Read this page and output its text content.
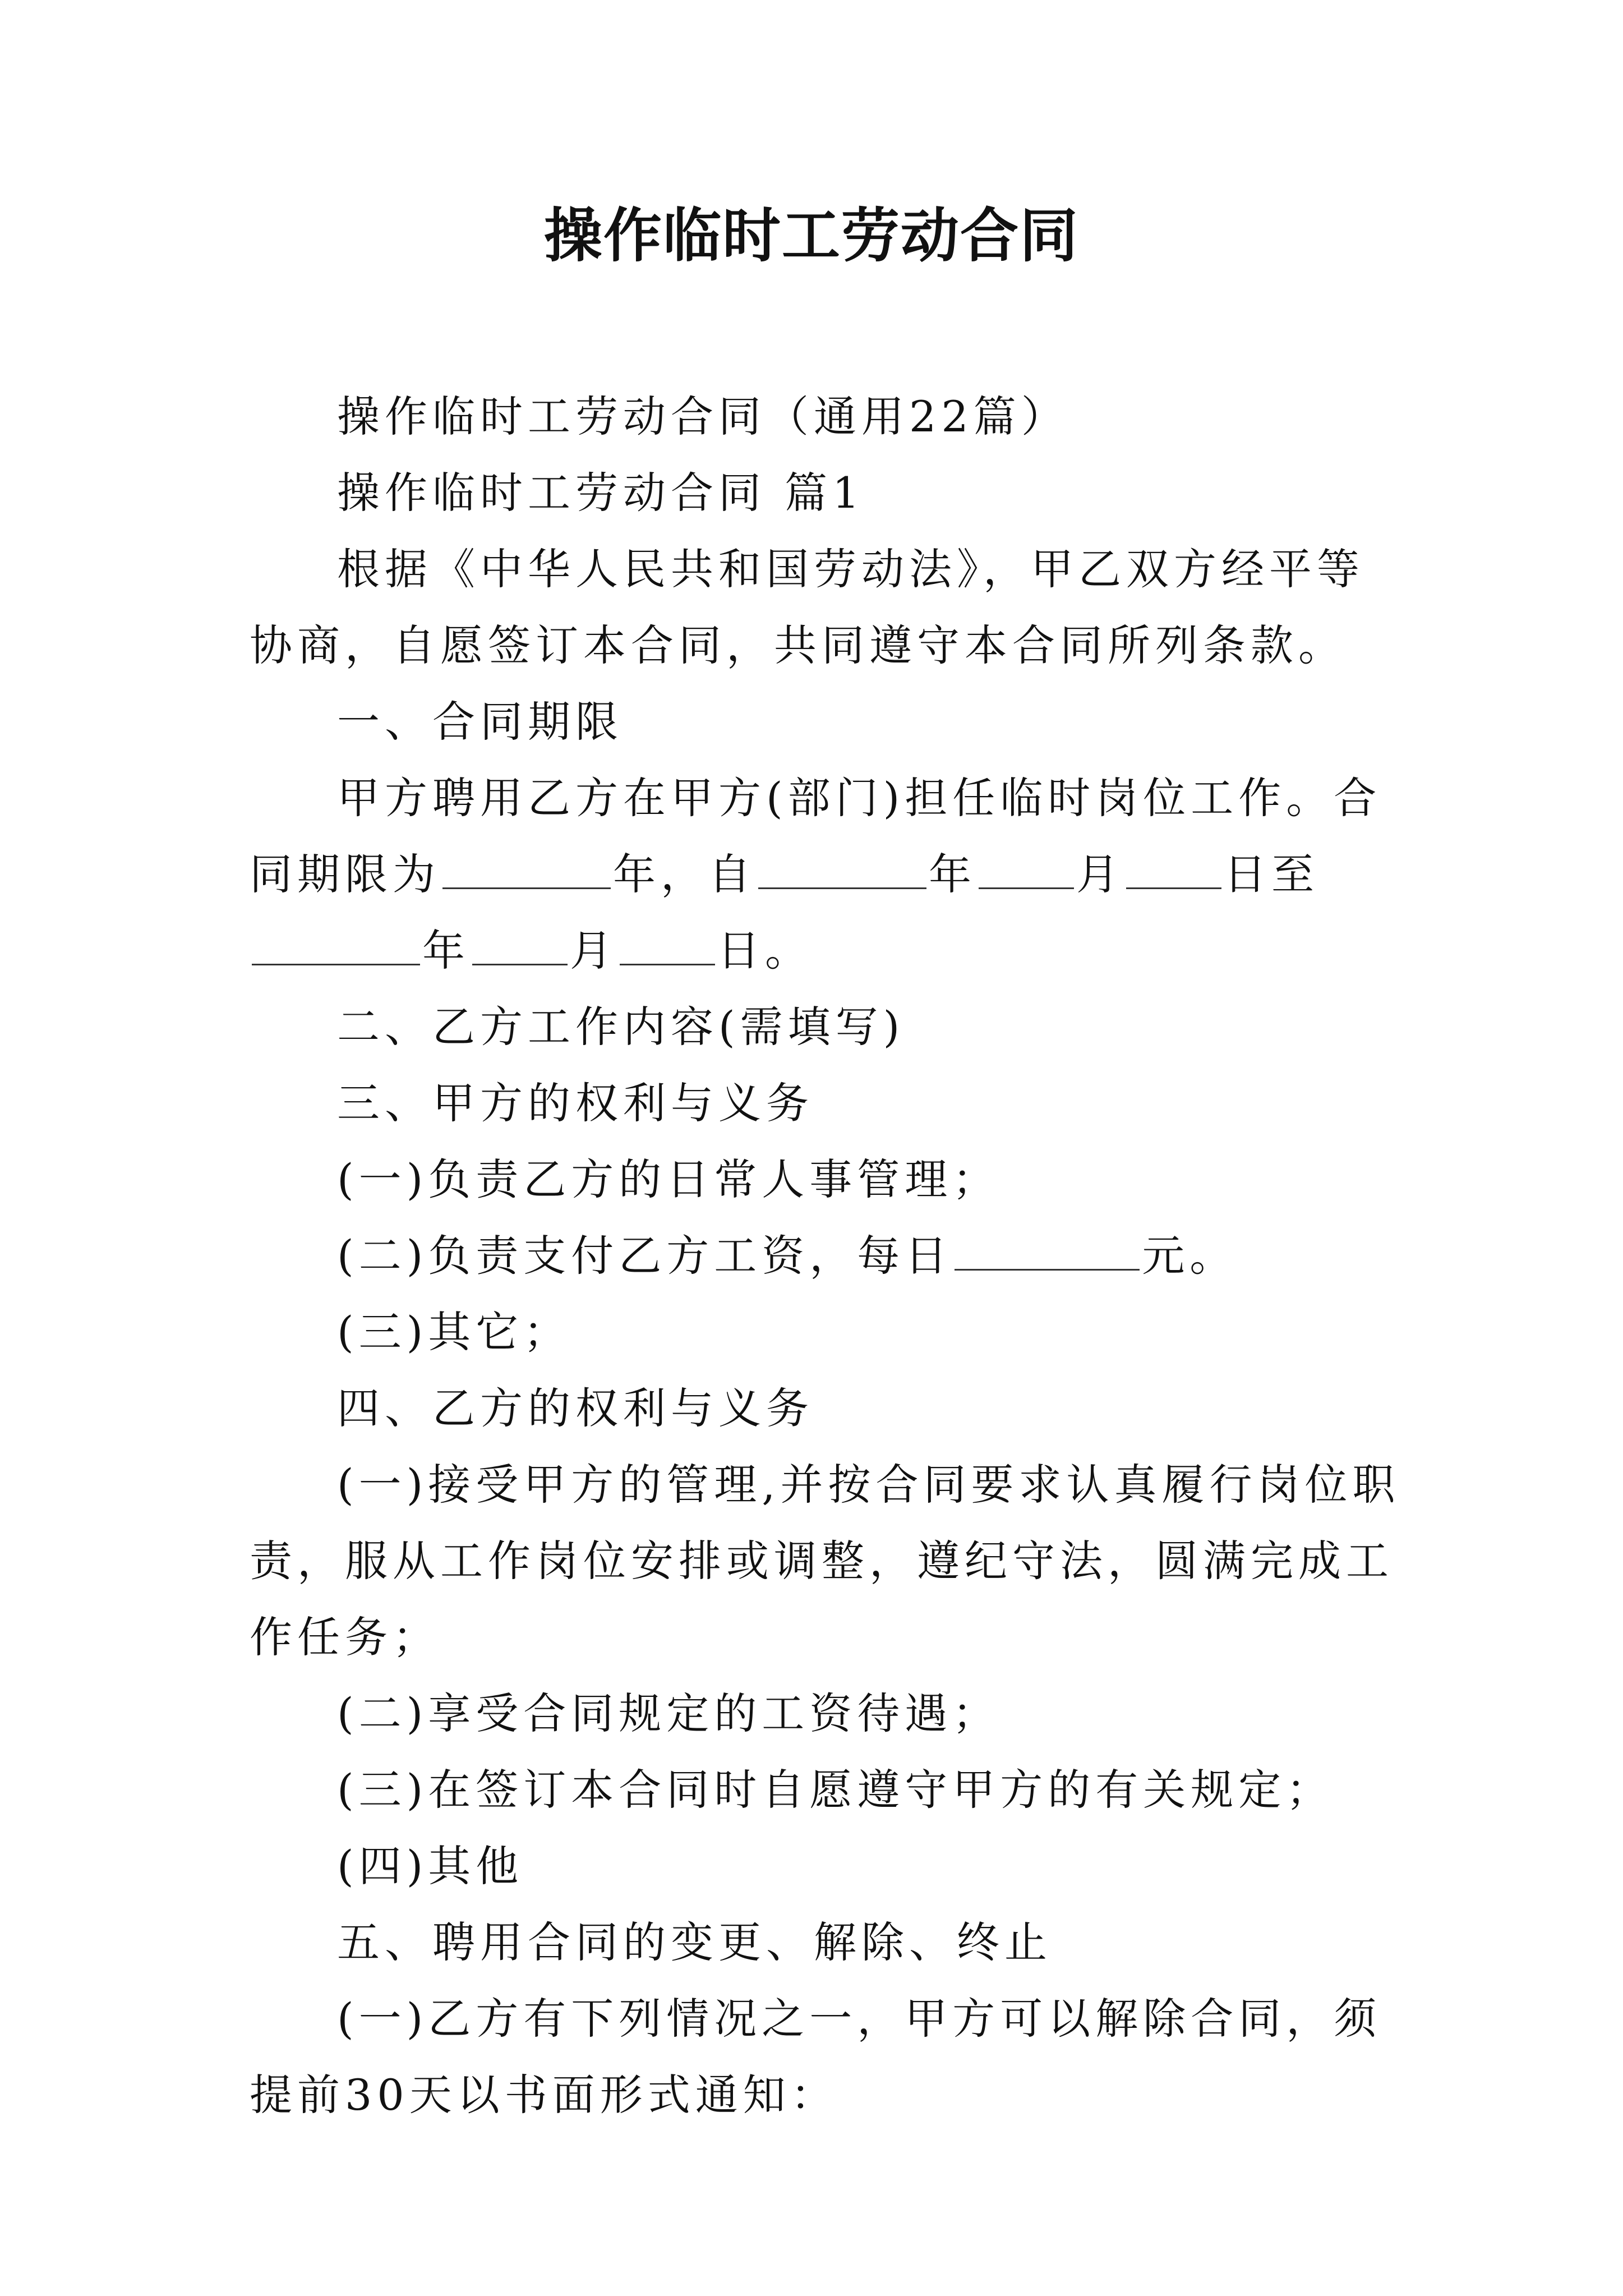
操作临时工劳动合同

操作临时工劳动合同（通用22篇）

操作临时工劳动合同 篇1

根据《中华人民共和国劳动法》，甲乙双方经平等协商，自愿签订本合同，共同遵守本合同所列条款。

一、合同期限

甲方聘用乙方在甲方(部门)担任临时岗位工作。合同期限为	年，自	年 月 日至年 月 日。

二、乙方工作内容(需填写)

三、甲方的权利与义务

(一)负责乙方的日常人事管理；

(二)负责支付乙方工资，每日	元。

(三)其它；

四、乙方的权利与义务

(一)接受甲方的管理,并按合同要求认真履行岗位职责，服从工作岗位安排或调整，遵纪守法，圆满完成工作任务；

(二)享受合同规定的工资待遇；

(三)在签订本合同时自愿遵守甲方的有关规定；

(四)其他

五、聘用合同的变更、解除、终止

(一)乙方有下列情况之一，甲方可以解除合同，须提前30天以书面形式通知：
